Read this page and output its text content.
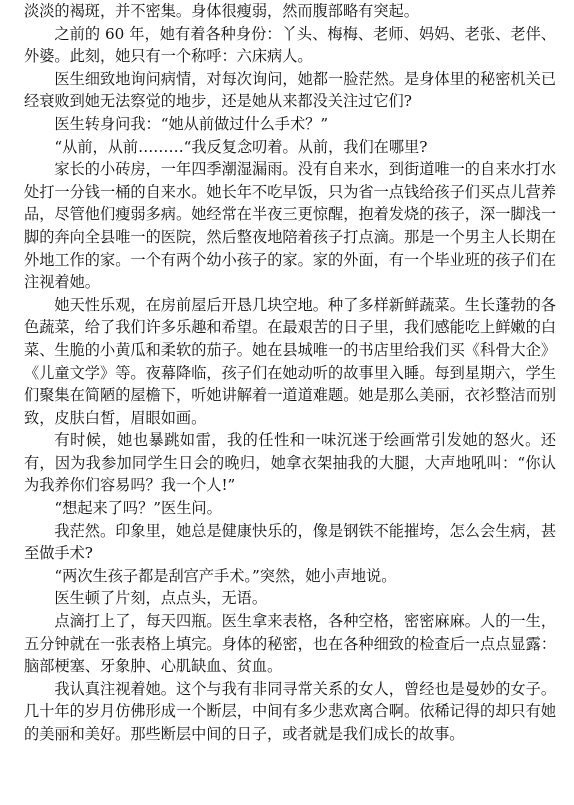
淡淡的褐斑，并不密集。身体很瘦弱，然而腹部略有突起。

之前的 60 年，她有着各种身份：丫头、梅梅、老师、妈妈、老张、老伴、外婆。此刻，她只有一个称呼：六床病人。

医生细致地询问病情，对每次询问，她都一脸茫然。是身体里的秘密机关已经衰败到她无法察觉的地步，还是她从来都没关注过它们?

医生转身问我：“她从前做过什么手术？”

“从前，从前………“我反复念叨着。从前，我们在哪里?

家长的小砖房，一年四季潮湿漏雨。没有自来水，到街道唯一的自来水打水处打一分钱一桶的自来水。她长年不吃早饭，只为省一点钱给孩子们买点儿营养品，尽管他们瘦弱多病。她经常在半夜三更惊醒，抱着发烧的孩子，深一脚浅一脚的奔向全县唯一的医院，然后整夜地陪着孩子打点滴。那是一个男主人长期在外地工作的家。一个有两个幼小孩子的家。家的外面，有一个毕业班的孩子们在注视着她。

她天性乐观，在房前屋后开恳几块空地。种了多样新鲜蔬菜。生长蓬勃的各色蔬菜，给了我们许多乐趣和希望。在最艰苦的日子里，我们感能吃上鲜嫩的白菜、生脆的小黄瓜和柔软的茄子。她在县城唯一的书店里给我们买《科骨大企》《儿童文学》等。夜幕降临，孩子们在她动听的故事里入睡。每到星期六，学生们聚集在简陋的屋檐下，听她讲解着一道道难题。她是那么美丽，衣衫整洁而别致，皮肤白皙，眉眼如画。

有时候，她也暴跳如雷，我的任性和一味沉迷于绘画常引发她的怒火。还有，因为我参加同学生日会的晚归，她拿衣架抽我的大腿，大声地吼叫：“你认为我养你们容易吗？我一个人!”

“想起来了吗？”医生问。

我茫然。印象里，她总是健康快乐的，像是钢铁不能摧垮，怎么会生病，甚至做手术?

“两次生孩子都是刮宫产手术。”突然，她小声地说。

医生顿了片刻，点点头，无语。

点滴打上了，每天四瓶。医生拿来表格，各种空格，密密麻麻。人的一生，五分钟就在一张表格上填完。身体的秘密，也在各种细致的检查后一点点显露：脑部梗塞、牙象肿、心肌缺血、贫血。

我认真注视着她。这个与我有非同寻常关系的女人，曾经也是曼妙的女子。几十年的岁月仿佛形成一个断层，中间有多少悲欢离合啊。依稀记得的却只有她的美丽和美好。那些断层中间的日子，或者就是我们成长的故事。
